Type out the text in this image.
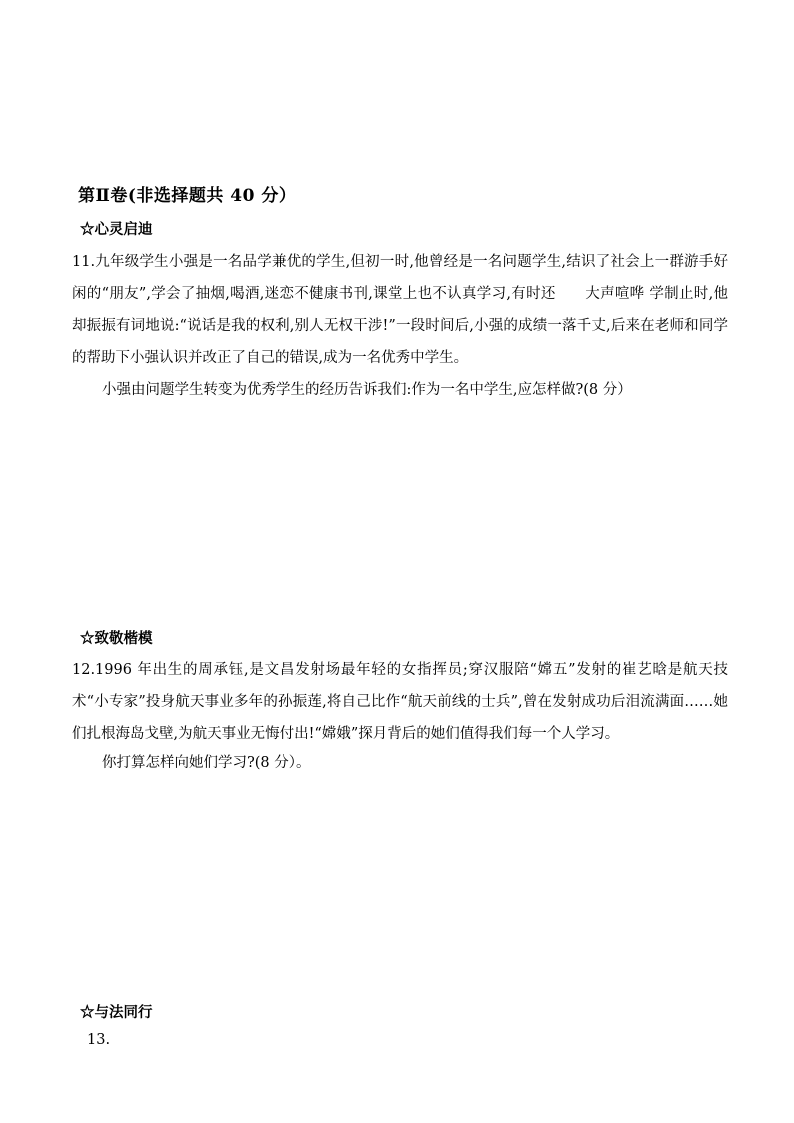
第Ⅱ卷(非选择题共 40 分）
☆心灵启迪

11.九年级学生小强是一名品学兼优的学生,但初一时,他曾经是一名问题学生,结识了社会上一群游手好闲的“朋友”,学会了抽烟,喝酒,迷恋不健康书刊,课堂上也不认真学习,有时还　　大声喧哗 学制止时,他却振振有词地说:“说话是我的权利,别人无权干涉!”一段时间后,小强的成绩一落千丈,后来在老师和同学的帮助下小强认识并改正了自己的错误,成为一名优秀中学生。

小强由问题学生转变为优秀学生的经历告诉我们:作为一名中学生,应怎样做?(8 分）
☆致敬楷模

12.1996 年出生的周承钰,是文昌发射场最年轻的女指挥员;穿汉服陪“嫦五”发射的崔艺晗是航天技术“小专家”投身航天事业多年的孙振莲,将自己比作“航天前线的士兵”,曾在发射成功后泪流满面……她们扎根海岛戈壁,为航天事业无悔付出!“嫦娥”探月背后的她们值得我们每一个人学习。

你打算怎样向她们学习?(8 分）。
☆与法同行
13.
